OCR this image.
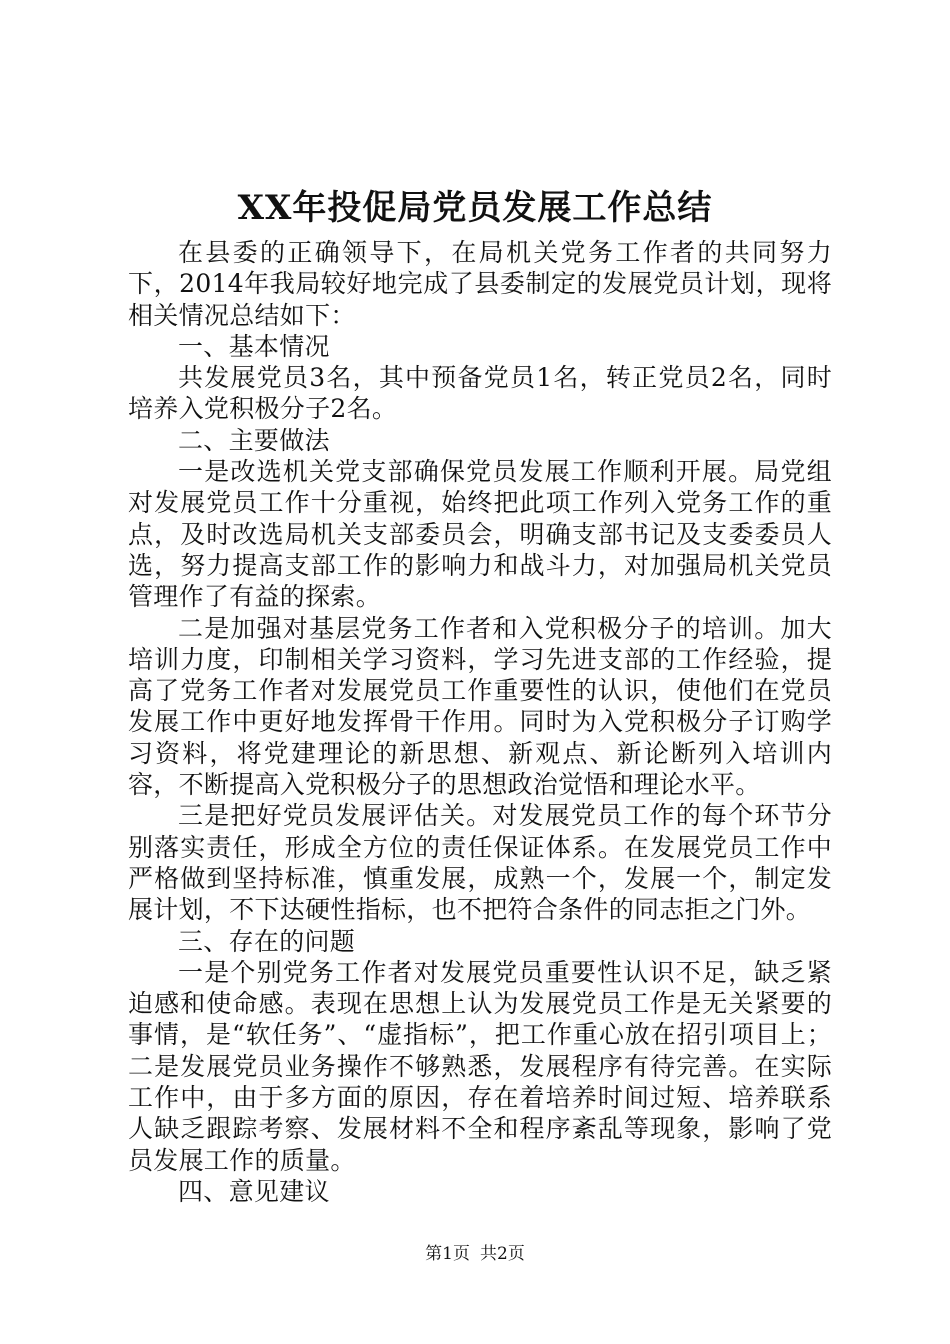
XX年投促局党员发展工作总结

在县委的正确领导下，在局机关党务工作者的共同努力下，2014年我局较好地完成了县委制定的发展党员计划，现将相关情况总结如下：

一、基本情况

共发展党员3名，其中预备党员1名，转正党员2名，同时培养入党积极分子2名。

二、主要做法

一是改选机关党支部确保党员发展工作顺利开展。局党组对发展党员工作十分重视，始终把此项工作列入党务工作的重点，及时改选局机关支部委员会，明确支部书记及支委委员人选，努力提高支部工作的影响力和战斗力，对加强局机关党员管理作了有益的探索。

二是加强对基层党务工作者和入党积极分子的培训。加大培训力度，印制相关学习资料，学习先进支部的工作经验，提高了党务工作者对发展党员工作重要性的认识，使他们在党员发展工作中更好地发挥骨干作用。同时为入党积极分子订购学习资料，将党建理论的新思想、新观点、新论断列入培训内容，不断提高入党积极分子的思想政治觉悟和理论水平。

三是把好党员发展评估关。对发展党员工作的每个环节分别落实责任，形成全方位的责任保证体系。在发展党员工作中严格做到坚持标准，慎重发展，成熟一个，发展一个，制定发展计划，不下达硬性指标，也不把符合条件的同志拒之门外。

三、存在的问题

一是个别党务工作者对发展党员重要性认识不足，缺乏紧迫感和使命感。表现在思想上认为发展党员工作是无关紧要的事情，是“软任务”、“虚指标”，把工作重心放在招引项目上；二是发展党员业务操作不够熟悉，发展程序有待完善。在实际工作中，由于多方面的原因，存在着培养时间过短、培养联系人缺乏跟踪考察、发展材料不全和程序紊乱等现象，影响了党员发展工作的质量。

四、意见建议

第1页 共2页
